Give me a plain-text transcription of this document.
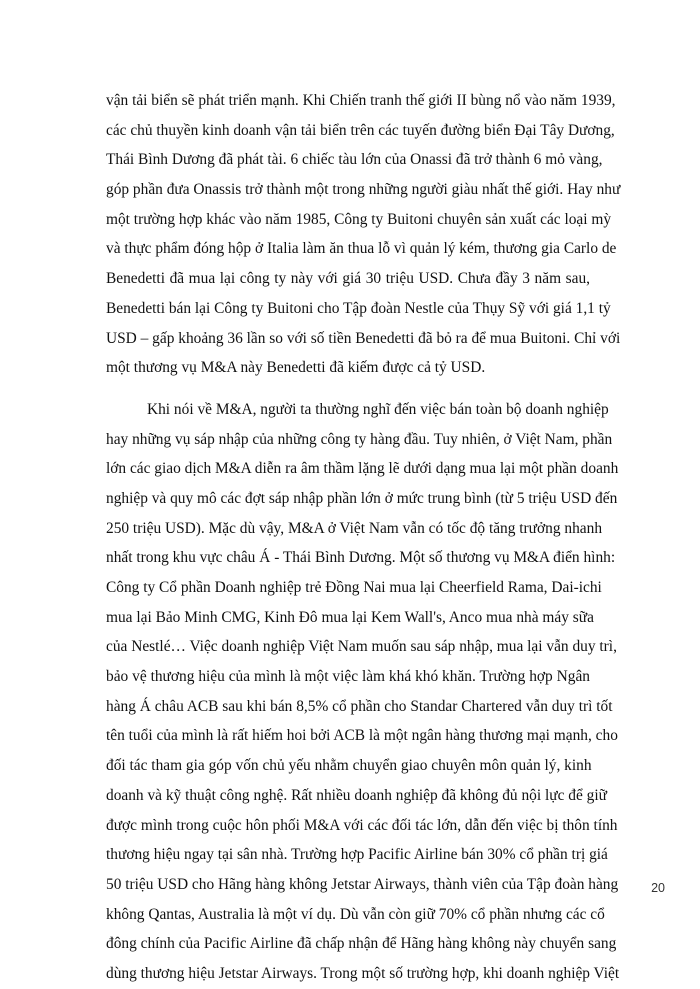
vận tải biển sẽ phát triển mạnh. Khi Chiến tranh thế giới II bùng nổ vào năm 1939,
các chủ thuyền kinh doanh vận tải biển trên các tuyến đường biển Đại Tây Dương,
Thái Bình Dương đã phát tài. 6 chiếc tàu lớn của Onassi đã trở thành 6 mỏ vàng,
góp phần đưa Onassis trở thành một trong những người giàu nhất thế giới. Hay như
một trường hợp khác vào năm 1985, Công ty Buitoni chuyên sản xuất các loại mỳ
và thực phẩm đóng hộp ở Italia làm ăn thua lỗ vì quản lý kém, thương gia Carlo de
Benedetti đã mua lại công ty này với giá 30 triệu USD. Chưa đầy 3 năm sau,
Benedetti bán lại Công ty Buitoni cho Tập đoàn Nestle của Thụy Sỹ với giá 1,1 tỷ
USD – gấp khoảng 36 lần so với số tiền Benedetti đã bỏ ra để mua Buitoni. Chỉ với
một thương vụ M&A này Benedetti đã kiếm được cả tỷ USD.
Khi nói về M&A, người ta thường nghĩ đến việc bán toàn bộ doanh nghiệp
hay những vụ sáp nhập của những công ty hàng đầu. Tuy nhiên, ở Việt Nam, phần
lớn các giao dịch M&A diễn ra âm thầm lặng lẽ dưới dạng mua lại một phần doanh
nghiệp và quy mô các đợt sáp nhập phần lớn ở mức trung bình (từ 5 triệu USD đến
250 triệu USD). Mặc dù vậy, M&A ở Việt Nam vẫn có tốc độ tăng trưởng nhanh
nhất trong khu vực châu Á - Thái Bình Dương. Một số thương vụ M&A điển hình:
Công ty Cổ phần Doanh nghiệp trẻ Đồng Nai mua lại Cheerfield Rama, Dai-ichi
mua lại Bảo Minh CMG, Kinh Đô mua lại Kem Wall's, Anco mua nhà máy sữa
của Nestlé… Việc doanh nghiệp Việt Nam muốn sau sáp nhập, mua lại vẫn duy trì,
bảo vệ thương hiệu của mình là một việc làm khá khó khăn. Trường hợp Ngân
hàng Á châu ACB sau khi bán 8,5% cổ phần cho Standar Chartered vẫn duy trì tốt
tên tuổi của mình là rất hiếm hoi bởi ACB là một ngân hàng thương mại mạnh, cho
đối tác tham gia góp vốn chủ yếu nhằm chuyển giao chuyên môn quản lý, kinh
doanh và kỹ thuật công nghệ. Rất nhiều doanh nghiệp đã không đủ nội lực để giữ
được mình trong cuộc hôn phối M&A với các đối tác lớn, dẫn đến việc bị thôn tính
thương hiệu ngay tại sân nhà. Trường hợp Pacific Airline bán 30% cổ phần trị giá
50 triệu USD cho Hãng hàng không Jetstar Airways, thành viên của Tập đoàn hàng
không Qantas, Australia là một ví dụ. Dù vẫn còn giữ 70% cổ phần nhưng các cổ
đông chính của Pacific Airline đã chấp nhận để Hãng hàng không này chuyển sang
dùng thương hiệu Jetstar Airways. Trong một số trường hợp, khi doanh nghiệp Việt
20
